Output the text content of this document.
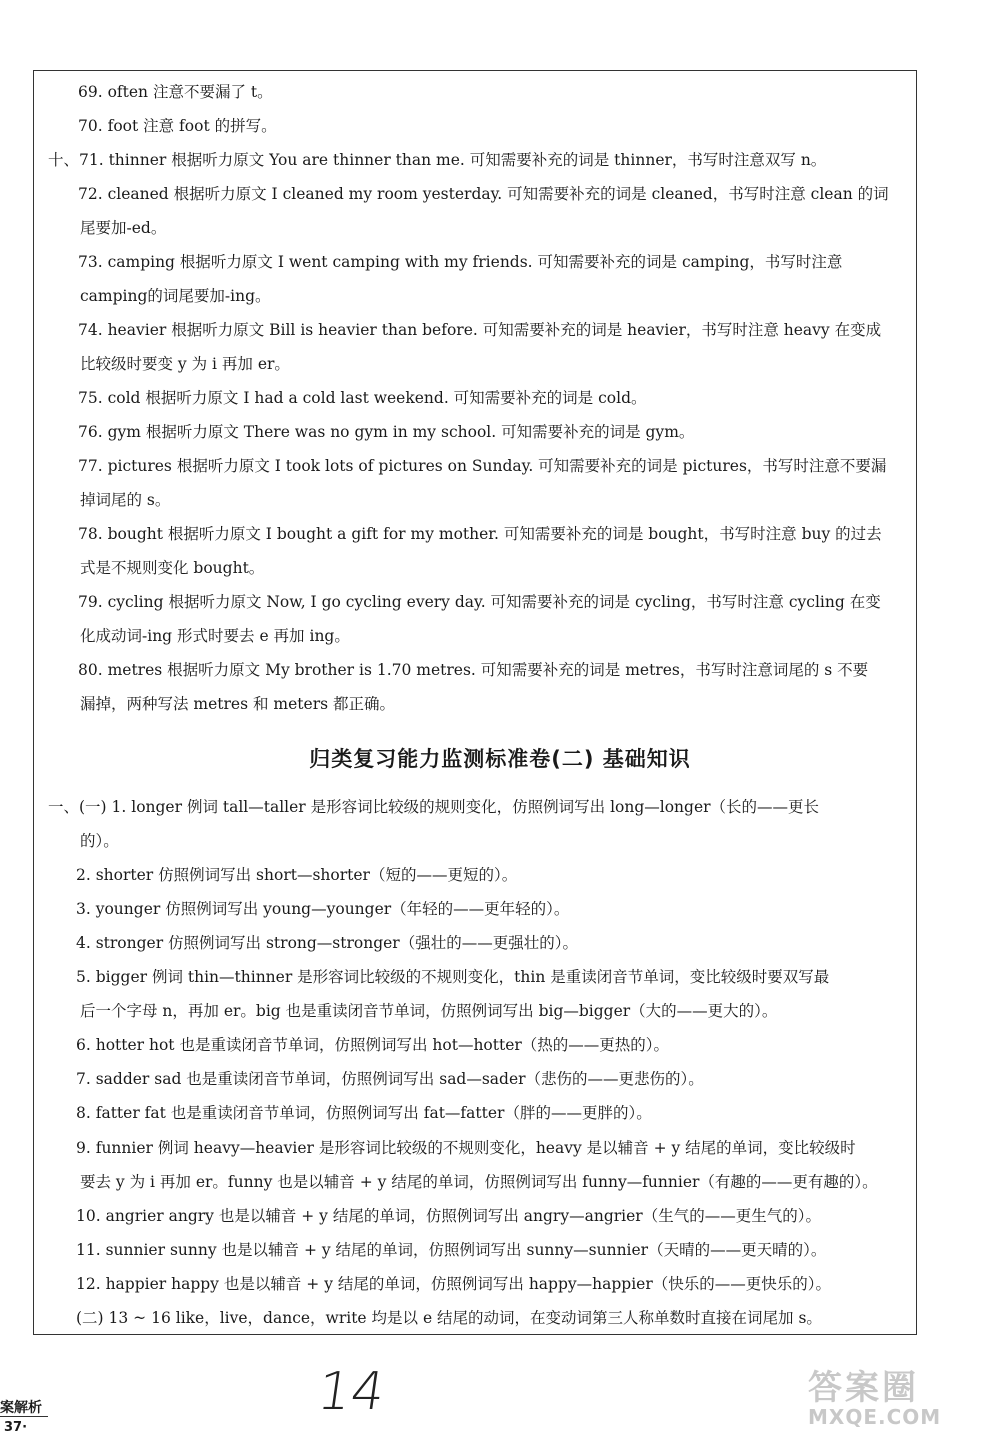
69. often 注意不要漏了 t。
70. foot 注意 foot 的拼写。
十、71. thinner 根据听力原文 You are thinner than me. 可知需要补充的词是 thinner，书写时注意双写 n。
72. cleaned 根据听力原文 I cleaned my room yesterday. 可知需要补充的词是 cleaned，书写时注意 clean 的词
尾要加-ed。
73. camping 根据听力原文 I went camping with my friends. 可知需要补充的词是 camping，书写时注意
camping的词尾要加-ing。
74. heavier 根据听力原文 Bill is heavier than before. 可知需要补充的词是 heavier，书写时注意 heavy 在变成
比较级时要变 y 为 i 再加 er。
75. cold 根据听力原文 I had a cold last weekend. 可知需要补充的词是 cold。
76. gym 根据听力原文 There was no gym in my school. 可知需要补充的词是 gym。
77. pictures 根据听力原文 I took lots of pictures on Sunday. 可知需要补充的词是 pictures，书写时注意不要漏
掉词尾的 s。
78. bought 根据听力原文 I bought a gift for my mother. 可知需要补充的词是 bought，书写时注意 buy 的过去
式是不规则变化 bought。
79. cycling 根据听力原文 Now, I go cycling every day. 可知需要补充的词是 cycling，书写时注意 cycling 在变
化成动词-ing 形式时要去 e 再加 ing。
80. metres 根据听力原文 My brother is 1.70 metres. 可知需要补充的词是 metres，书写时注意词尾的 s 不要
漏掉，两种写法 metres 和 meters 都正确。
一、(一) 1. longer 例词 tall—taller 是形容词比较级的规则变化，仿照例词写出 long—longer（长的——更长
的）。
2. shorter 仿照例词写出 short—shorter（短的——更短的）。
3. younger 仿照例词写出 young—younger（年轻的——更年轻的）。
4. stronger 仿照例词写出 strong—stronger（强壮的——更强壮的）。
5. bigger 例词 thin—thinner 是形容词比较级的不规则变化，thin 是重读闭音节单词，变比较级时要双写最
后一个字母 n，再加 er。big 也是重读闭音节单词，仿照例词写出 big—bigger（大的——更大的）。
6. hotter hot 也是重读闭音节单词，仿照例词写出 hot—hotter（热的——更热的）。
7. sadder sad 也是重读闭音节单词，仿照例词写出 sad—sader（悲伤的——更悲伤的）。
8. fatter fat 也是重读闭音节单词，仿照例词写出 fat—fatter（胖的——更胖的）。
9. funnier 例词 heavy—heavier 是形容词比较级的不规则变化，heavy 是以辅音 + y 结尾的单词，变比较级时
要去 y 为 i 再加 er。funny 也是以辅音 + y 结尾的单词，仿照例词写出 funny—funnier（有趣的——更有趣的）。
10. angrier angry 也是以辅音 + y 结尾的单词，仿照例词写出 angry—angrier（生气的——更生气的）。
11. sunnier sunny 也是以辅音 + y 结尾的单词，仿照例词写出 sunny—sunnier（天晴的——更天晴的）。
12. happier happy 也是以辅音 + y 结尾的单词，仿照例词写出 happy—happier（快乐的——更快乐的）。
(二) 13 ~ 16 like，live，dance，write 均是以 e 结尾的动词，在变动词第三人称单数时直接在词尾加 s。
归类复习能力监测标准卷(二) 基础知识
案解析
37·
14	答案圈
MXQE.COM
